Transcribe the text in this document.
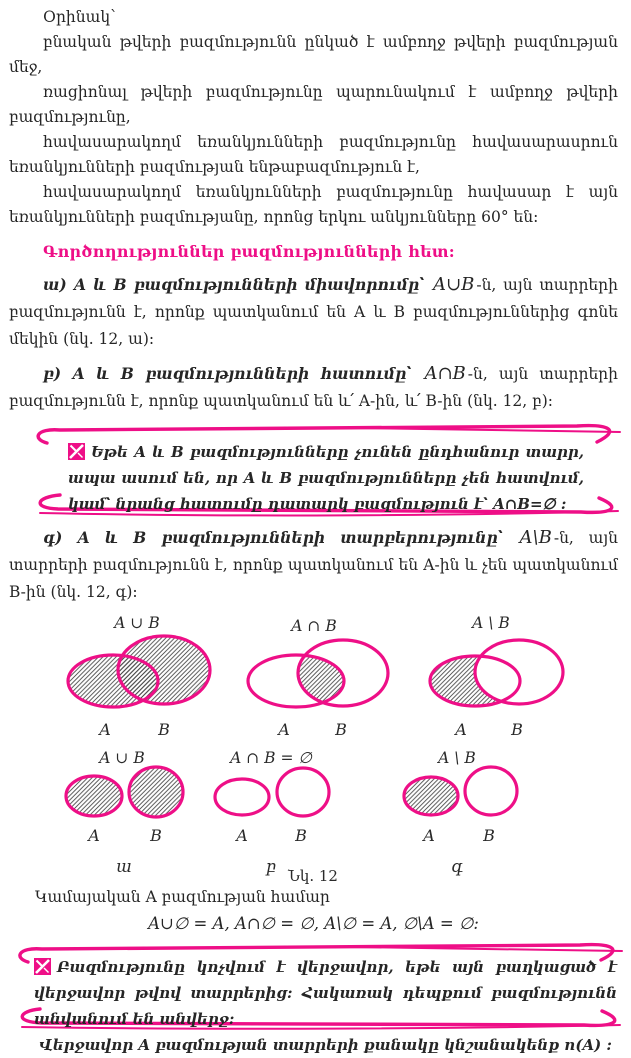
Օրինակ՝

բնական թվերի բազմությունն ընկած է ամբողջ թվերի բազմության մեջ,

ռացիոնալ թվերի բազմությունը պարունակում է ամբողջ թվերի բազմությունը,

հավասարակողմ եռանկյունների բազմությունը հավասարասրուն եռանկյունների բազմության ենթաբազմություն է,

հավասարակողմ եռանկյունների բազմությունը հավասար է այն եռանկյունների բազմությանը, որոնց երկու անկյունները 60° են:

Գործողություններ բազմությունների հետ:

ա) A և B բազմությունների միավորումը՝ A∪B -ն, այն տարրերի բազմությունն է, որոնք պատկանում են A և B բազմություններից գոնե մեկին (նկ. 12, ա):

բ) A և B բազմությունների հատումը՝ A∩B -ն, այն տարրերի բազմությունն է, որոնք պատկանում են և՛ A-ին, և՛ B-ին (նկ. 12, բ):

Եթե A և B բազմությունները չունեն ընդհանուր տարր, ապա ասում են, որ A և B բազմությունները չեն հատվում, կամ՝ նրանց հատումը դատարկ բազմություն է՝ A∩B=∅ :

գ) A և B բազմությունների տարբերությունը՝ A\B -ն, այն տարրերի բազմությունն է, որոնք պատկանում են A-ին և չեն պատկանում B-ին (նկ. 12, գ):

A ∪ B
A	B
A ∩ B
A	B
A \ B
A	B
A ∪ B
A	B
ա
A ∩ B = ∅
A	B
բ
A \ B
A	B
գ
Նկ. 12

Կամայական A բազմության համար

A∪∅ = A, A∩∅ = ∅, A\∅ = A, ∅\A = ∅:

Բազմությունը կոչվում է վերջավոր, եթե այն բաղկացած է վերջավոր թվով տարրերից: Հակառակ դեպքում բազմությունն անվանում են անվերջ:
Վերջավոր A բազմության տարրերի քանակը կնշանակենք n(A) :
